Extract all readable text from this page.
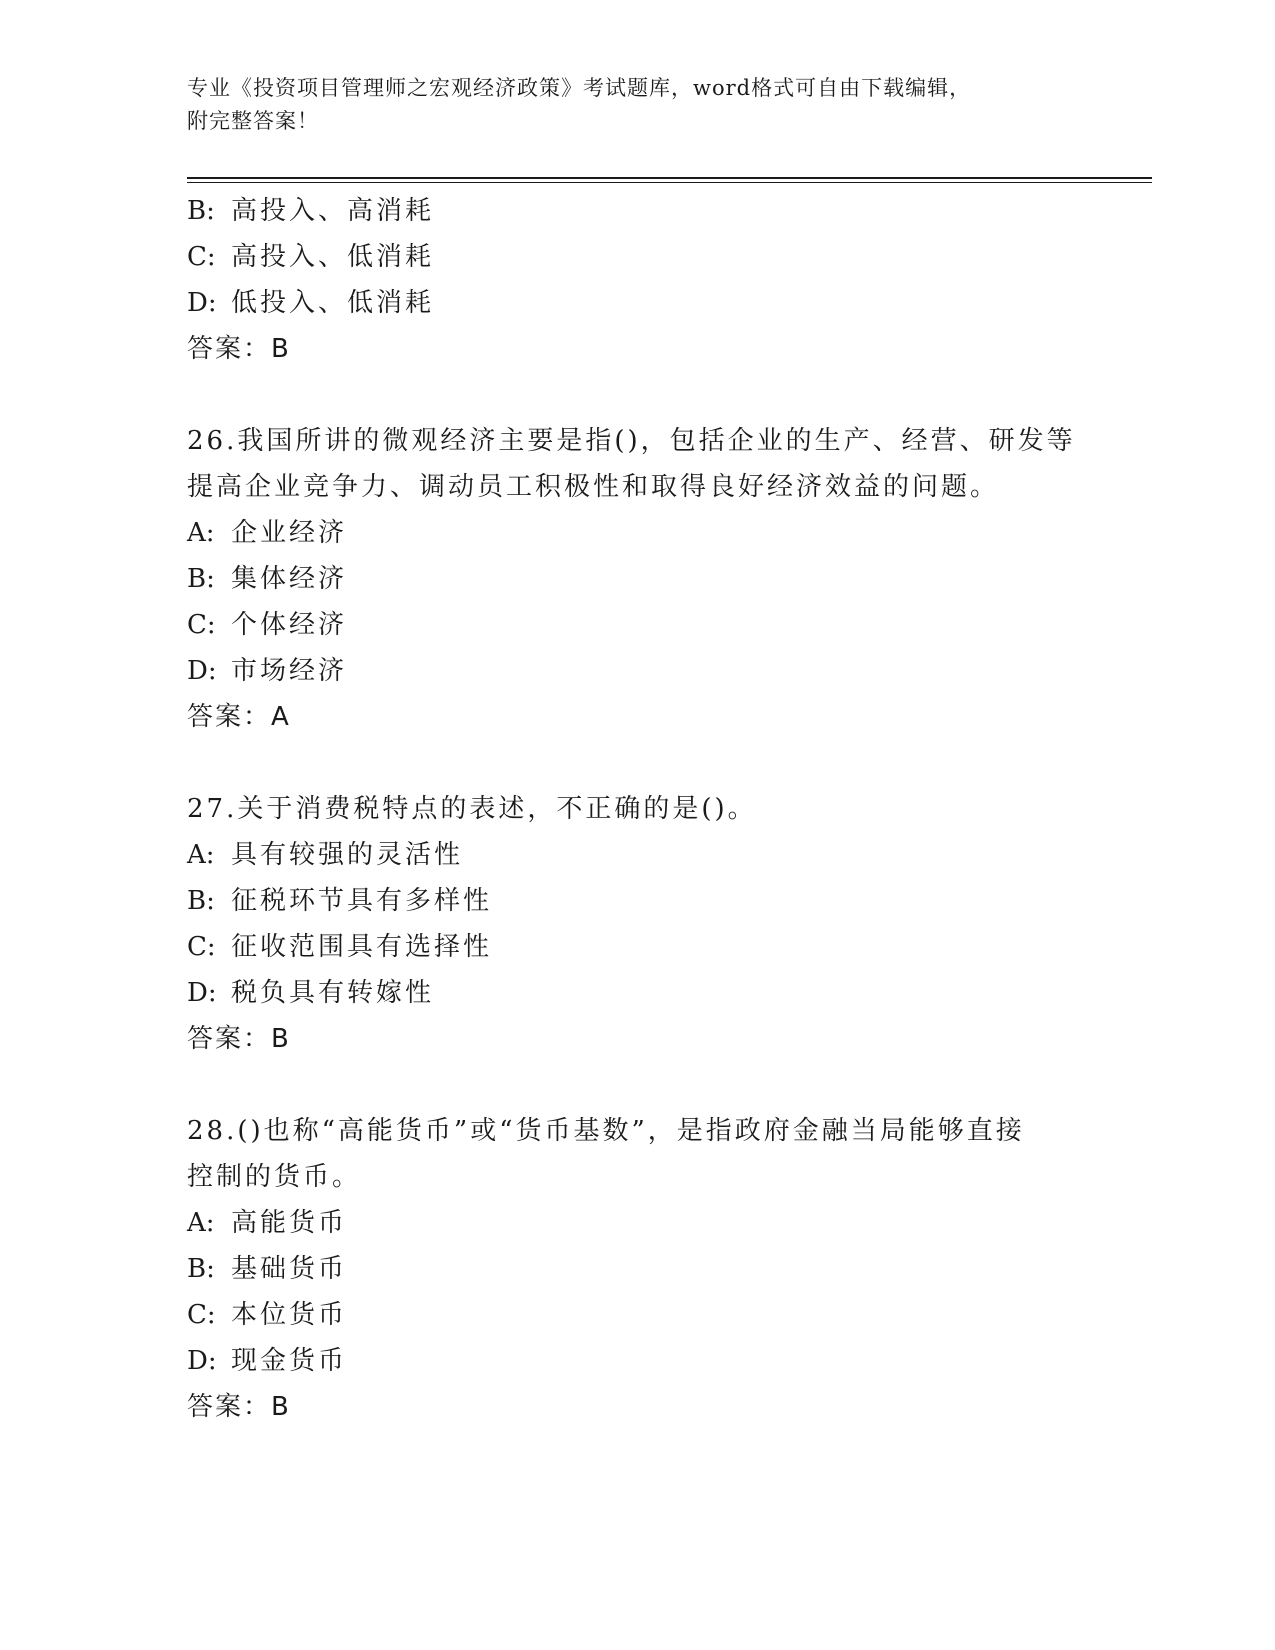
专业《投资项目管理师之宏观经济政策》考试题库，word格式可自由下载编辑，
附完整答案！
B: 高投入、高消耗
C: 高投入、低消耗
D: 低投入、低消耗
答案：B
26.我国所讲的微观经济主要是指()，包括企业的生产、经营、研发等
提高企业竞争力、调动员工积极性和取得良好经济效益的问题。
A: 企业经济
B: 集体经济
C: 个体经济
D: 市场经济
答案：A
27.关于消费税特点的表述，不正确的是()。
A: 具有较强的灵活性
B: 征税环节具有多样性
C: 征收范围具有选择性
D: 税负具有转嫁性
答案：B
28.()也称“高能货币”或“货币基数”，是指政府金融当局能够直接
控制的货币。
A: 高能货币
B: 基础货币
C: 本位货币
D: 现金货币
答案：B
